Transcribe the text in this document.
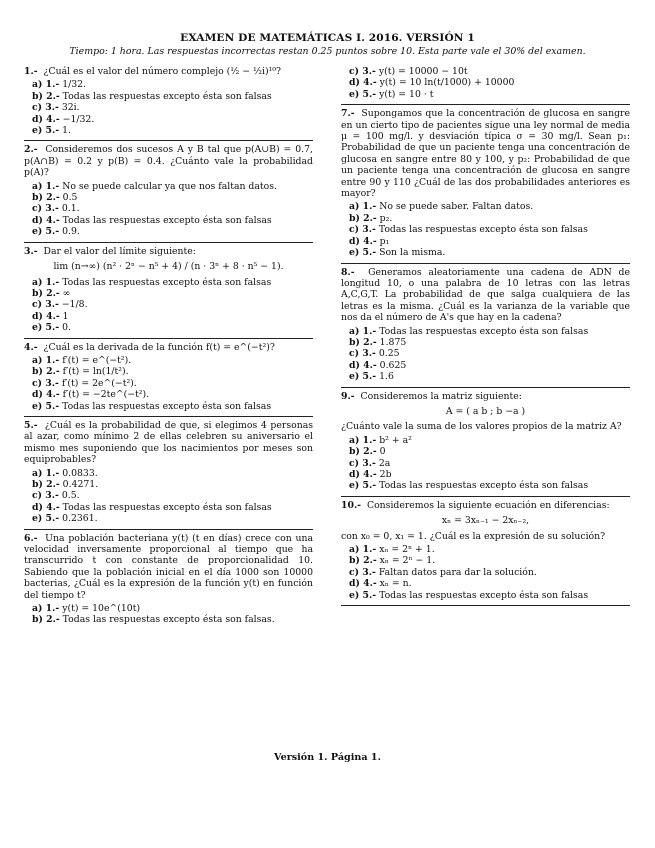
EXAMEN DE MATEMÁTICAS I. 2016. VERSIÓN 1
Tiempo: 1 hora. Las respuestas incorrectas restan 0.25 puntos sobre 10. Esta parte vale el 30% del examen.

1.- ¿Cuál es el valor del número complejo (½ − ½i)¹⁰?

a) 1.- 1/32.
b) 2.- Todas las respuestas excepto ésta son falsas
c) 3.- 32i.
d) 4.- −1/32.
e) 5.- 1.

2.- Consideremos dos sucesos A y B tal que p(A∪B) = 0.7, p(A∩B) = 0.2 y p(B) = 0.4. ¿Cuánto vale la probabilidad p(A)?

a) 1.- No se puede calcular ya que nos faltan datos.
b) 2.- 0.5
c) 3.- 0.1.
d) 4.- Todas las respuestas excepto ésta son falsas
e) 5.- 0.9.

3.- Dar el valor del límite siguiente:

lim (n→∞) (n² · 2ⁿ − n⁵ + 4) / (n · 3ⁿ + 8 · n⁵ − 1).
a) 1.- Todas las respuestas excepto ésta son falsas
b) 2.- ∞
c) 3.- −1/8.
d) 4.- 1
e) 5.- 0.

4.- ¿Cuál es la derivada de la función f(t) = e^(−t²)?

a) 1.- f′(t) = e^(−t²).
b) 2.- f′(t) = ln(1/t²).
c) 3.- f′(t) = 2e^(−t²).
d) 4.- f′(t) = −2te^(−t²).
e) 5.- Todas las respuestas excepto ésta son falsas

5.- ¿Cuál es la probabilidad de que, si elegimos 4 personas al azar, como mínimo 2 de ellas celebren su aniversario el mismo mes suponiendo que los nacimientos por meses son equiprobables?

a) 1.- 0.0833.
b) 2.- 0.4271.
c) 3.- 0.5.
d) 4.- Todas las respuestas excepto ésta son falsas
e) 5.- 0.2361.

6.- Una población bacteriana y(t) (t en días) crece con una velocidad inversamente proporcional al tiempo que ha transcurrido t con constante de proporcionalidad 10. Sabiendo que la población inicial en el día 1000 son 10000 bacterias, ¿Cuál es la expresión de la función y(t) en función del tiempo t?

a) 1.- y(t) = 10e^(10t)
b) 2.- Todas las respuestas excepto ésta son falsas.
c) 3.- y(t) = 10000 − 10t
d) 4.- y(t) = 10 ln(t/1000) + 10000
e) 5.- y(t) = 10 · t

7.- Supongamos que la concentración de glucosa en sangre en un cierto tipo de pacientes sigue una ley normal de media μ = 100 mg/l. y desviación típica σ = 30 mg/l. Sean p₁: Probabilidad de que un paciente tenga una concentración de glucosa en sangre entre 80 y 100, y p₂: Probabilidad de que un paciente tenga una concentración de glucosa en sangre entre 90 y 110 ¿Cuál de las dos probabilidades anteriores es mayor?

a) 1.- No se puede saber. Faltan datos.
b) 2.- p₂.
c) 3.- Todas las respuestas excepto ésta son falsas
d) 4.- p₁
e) 5.- Son la misma.

8.- Generamos aleatoriamente una cadena de ADN de longitud 10, o una palabra de 10 letras con las letras A,C,G,T. La probabilidad de que salga cualquiera de las letras es la misma. ¿Cuál es la varianza de la variable que nos da el número de A's que hay en la cadena?

a) 1.- Todas las respuestas excepto ésta son falsas
b) 2.- 1.875
c) 3.- 0.25
d) 4.- 0.625
e) 5.- 1.6

9.- Consideremos la matriz siguiente:

A = ( a b ; b −a )

¿Cuánto vale la suma de los valores propios de la matriz A?

a) 1.- b² + a²
b) 2.- 0
c) 3.- 2a
d) 4.- 2b
e) 5.- Todas las respuestas excepto ésta son falsas

10.- Consideremos la siguiente ecuación en diferencias:

xₙ = 3xₙ₋₁ − 2xₙ₋₂,

con x₀ = 0, x₁ = 1. ¿Cuál es la expresión de su solución?

a) 1.- xₙ = 2ⁿ + 1.
b) 2.- xₙ = 2ⁿ − 1.
c) 3.- Faltan datos para dar la solución.
d) 4.- xₙ = n.
e) 5.- Todas las respuestas excepto ésta son falsas
Versión 1. Página 1.
